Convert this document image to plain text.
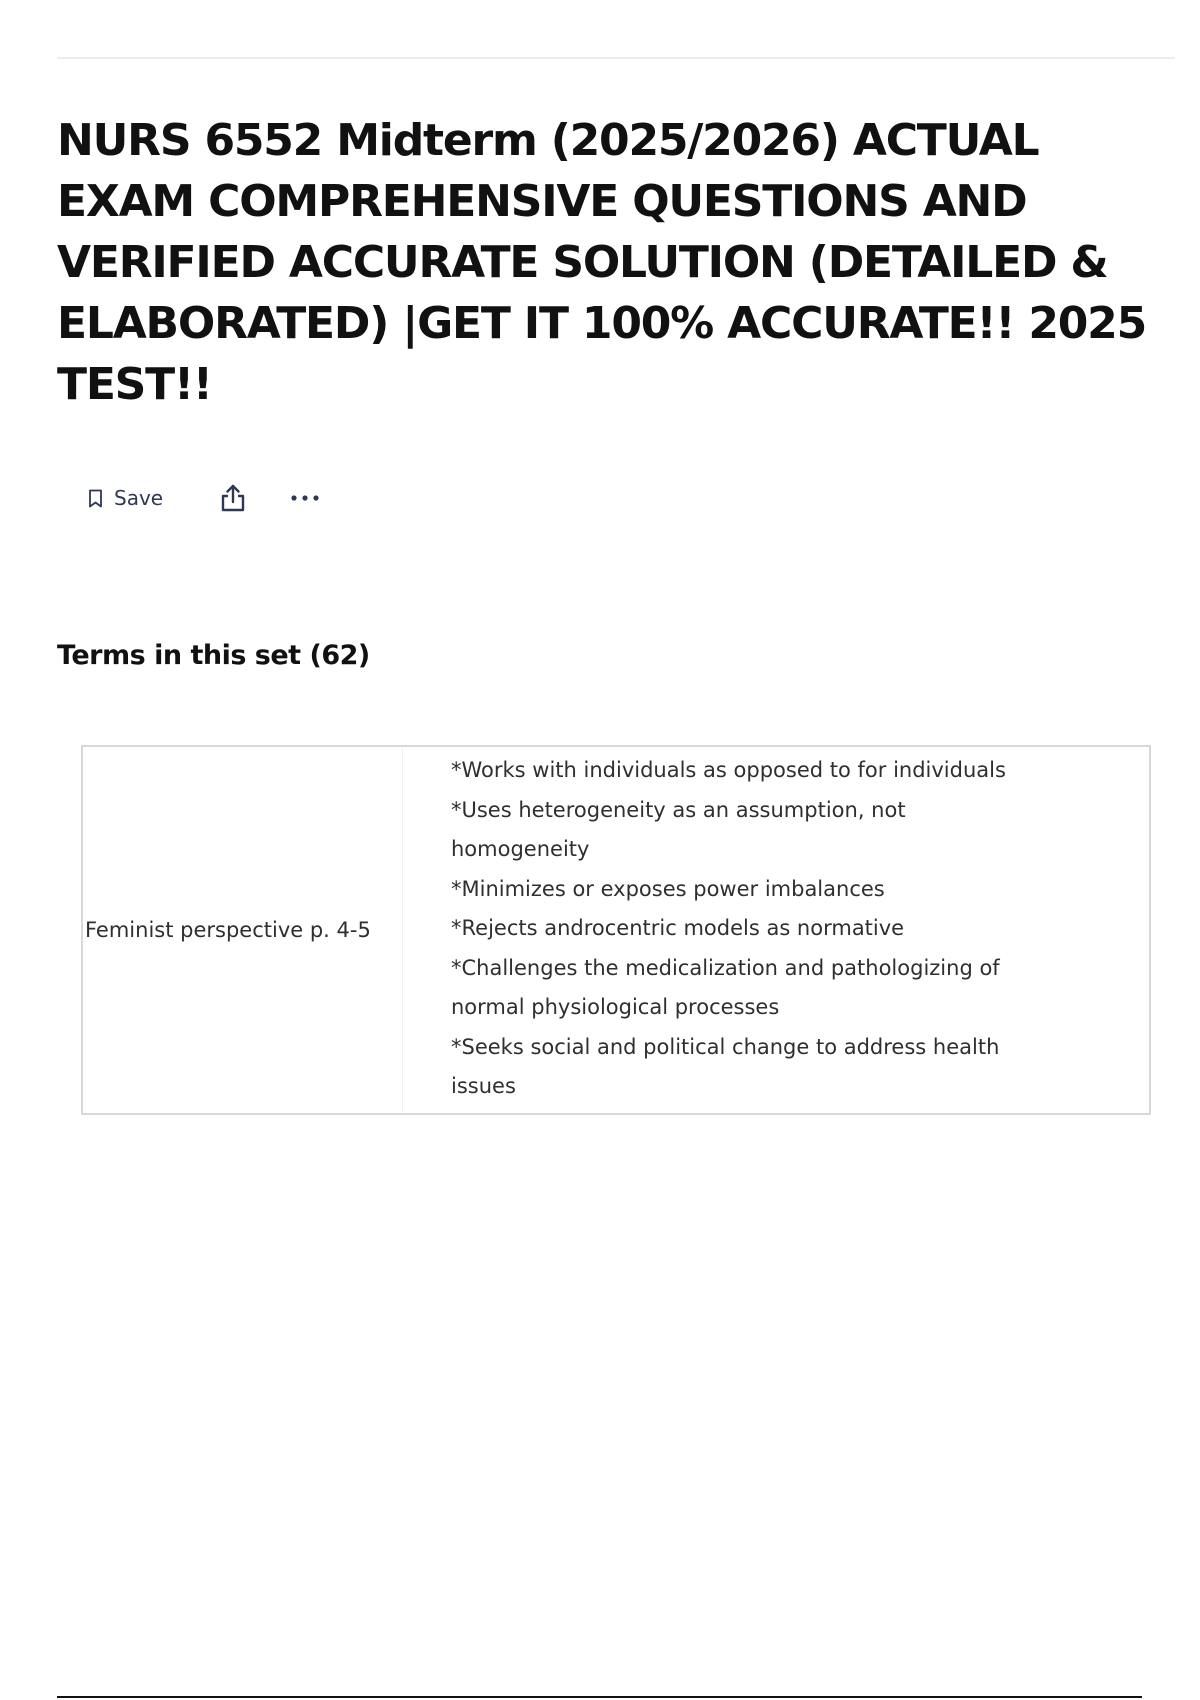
NURS 6552 Midterm (2025/2026) ACTUAL EXAM COMPREHENSIVE QUESTIONS AND VERIFIED ACCURATE SOLUTION (DETAILED & ELABORATED) |GET IT 100% ACCURATE!! 2025 TEST!!
Save
Terms in this set (62)
Feminist perspective p. 4-5
*Works with individuals as opposed to for individuals
*Uses heterogeneity as an assumption, not
homogeneity
*Minimizes or exposes power imbalances
*Rejects androcentric models as normative
*Challenges the medicalization and pathologizing of
normal physiological processes
*Seeks social and political change to address health
issues
